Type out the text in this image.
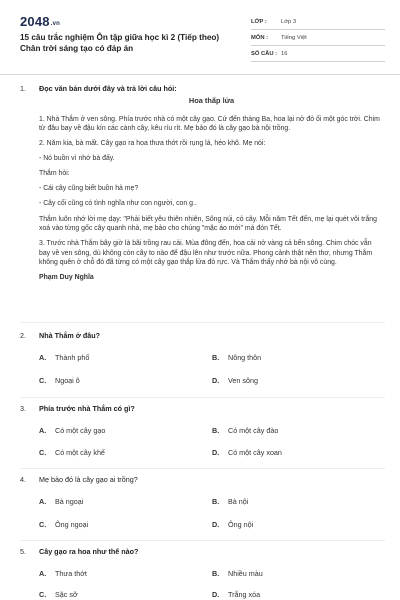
2048.vn
15 câu trắc nghiệm Ôn tập giữa học kì 2 (Tiếp theo) Chân trời sáng tạo có đáp án
LỚP :	Lớp 3
MÔN :	Tiếng Việt
SỐ CÂU : 16
1. Đọc văn bản dưới đây và trả lời câu hỏi:

Hoa thấp lửa

1. Nhà Thắm ở ven sông. Phía trước nhà có một cây gạo. Cứ đến tháng Ba, hoa lại nở đỏ ối một góc trời. Chim từ đâu bay về đậu kín các cành cây, kêu ríu rít. Mẹ bảo đó là cây gạo bà nội trồng.

2. Năm kia, bà mất. Cây gạo ra hoa thưa thớt rồi rụng lá, héo khô. Mẹ nói:

- Nó buồn vì nhớ bà đấy.

Thắm hỏi:

- Cái cây cũng biết buồn hả mẹ?

- Cây cối cũng có tình nghĩa như con người, con g..

Thắm luôn nhớ lời mẹ dạy: "Phải biết yêu thiên nhiên, Sông núi, cỏ cây. Mỗi năm Tết đến, mẹ lại quét vôi trắng xoá vào từng gốc cây quanh nhà, mẹ bảo cho chúng "mặc áo mới" mà đón Tết.

3. Trước nhà Thắm bây giờ là bãi trồng rau cải. Mùa đông đến, hoa cải nở vàng cả bến sông. Chim chóc vẫn bay về ven sông, dù không còn cây to nào để đậu lên như trước nữa. Phong cảnh thật nên thơ, nhưng Thắm không quên ở chỗ đó đã từng có một cây gạo thắp lửa đỏ rực. Và Thắm thấy nhớ bà nội vô cùng.

Phạm Duy Nghĩa

2. Nhà Thắm ở đâu?
A. Thành phố	B. Nông thôn
C. Ngoại ô	D. Ven sông
3. Phía trước nhà Thắm có gì?
A. Có một cây gạo	B. Có một cây đào
C. Có một cây khế	D. Có một cây xoan
4. Mẹ bảo đó là cây gạo ai trồng?
A. Bà ngoại	B. Bà nội
C. Ông ngoại	D. Ông nội
5. Cây gạo ra hoa như thế nào?
A. Thưa thớt	B. Nhiều màu
C. Sặc sỡ	D. Trắng xóa
